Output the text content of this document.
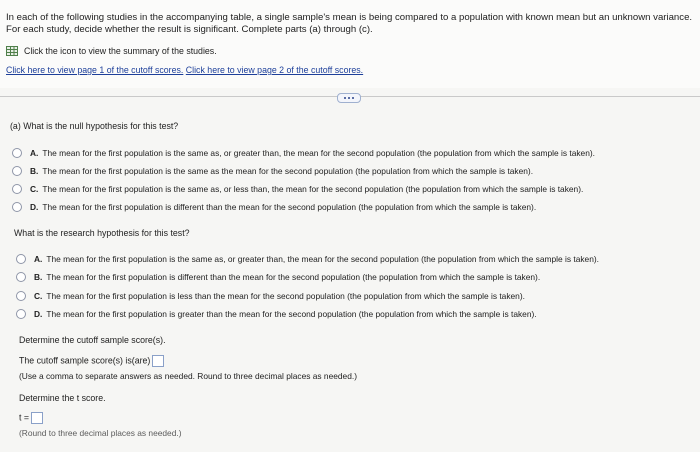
In each of the following studies in the accompanying table, a single sample's mean is being compared to a population with known mean but an unknown variance. For each study, decide whether the result is significant. Complete parts (a) through (c).
Click the icon to view the summary of the studies.
Click here to view page 1 of the cutoff scores. Click here to view page 2 of the cutoff scores.
(a) What is the null hypothesis for this test?
A. The mean for the first population is the same as, or greater than, the mean for the second population (the population from which the sample is taken).
B. The mean for the first population is the same as the mean for the second population (the population from which the sample is taken).
C. The mean for the first population is the same as, or less than, the mean for the second population (the population from which the sample is taken).
D. The mean for the first population is different than the mean for the second population (the population from which the sample is taken).
What is the research hypothesis for this test?
A. The mean for the first population is the same as, or greater than, the mean for the second population (the population from which the sample is taken).
B. The mean for the first population is different than the mean for the second population (the population from which the sample is taken).
C. The mean for the first population is less than the mean for the second population (the population from which the sample is taken).
D. The mean for the first population is greater than the mean for the second population (the population from which the sample is taken).
Determine the cutoff sample score(s).
The cutoff sample score(s) is(are)
(Use a comma to separate answers as needed. Round to three decimal places as needed.)
Determine the t score.
t =
(Round to three decimal places as needed.)
